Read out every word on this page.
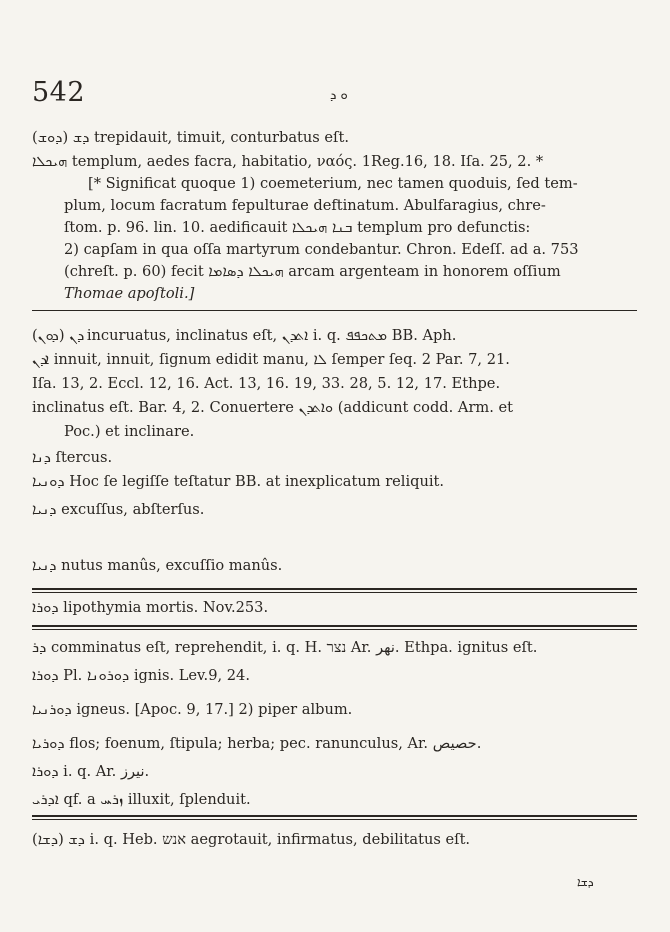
542	ܘ ܕ
(ܕܘܫ) ܕܫ trepidauit, timuit, conturbatus eſt.
ܗܝܟܠܐ templum, aedes facra, habitatio, ναός. 1Reg.16, 18. Iſa. 25, 2. *
[* Significat quoque 1) coemeterium, nec tamen quoduis, ſed tem-
plum, locum facratum fepulturae deftinatum. Abulfaragius, chre-
ſtom. p. 96. lin. 10. aedificauit ܒܢܐ ܗܝܟܠܐ templum pro defunctis:
2) capſam in qua oſſa martyrum condebantur. Chron. Edeſſ. ad a. 753
(chreſt. p. 60) fecit ܗܝܟܠܐ ܕܣܐܡܐ arcam argenteam in honorem oſſium
Thomae apoſtoli.]
(ܕܘܢ) ܕܢ incuruatus, inclinatus eſt, ܐܬܕܢ i. q. ܡܬܟܦܦ BB. Aph.
ܐܕܢ innuit, innuit, ſignum edidit manu, ܠܐ ſemper ſeq. 2 Par. 7, 21.
Iſa. 13, 2. Eccl. 12, 16. Act. 13, 16. 19, 33. 28, 5. 12, 17. Ethpe.
inclinatus eſt. Bar. 4, 2. Conuertere ܘܐܬܕܢ (addicunt codd. Arm. et
Poc.) et inclinare.
ܕܢܐ ſtercus.
ܕܘܢܝܐ Hoc ſe legiſſe teſtatur BB. at inexplicatum reliquit.
ܕܢܝܐ excuſſus, abſterſus.
ܕܢܝܐ nutus manûs, excuſſio manûs.
ܕܘܪܐ lipothymia mortis. Nov.253.
ܕܪ comminatus eſt, reprehendit, i. q. H. נצר Ar. نهر. Ethpa. ignitus eſt.
ܕܘܪܐ Pl. ܕܘܪܘܢܐ ignis. Lev.9, 24.
ܕܘܪܢܝܐ igneus. [Apoc. 9, 17.] 2) piper album.
ܕܘܪܝܐ flos; foenum, ſtipula; herba; pec. ranunculus, Ar. ﺣﺼﻴﺺ.
ܕܘܪܐ i. q. Ar. نيرز.
ܐܕܪܝ qf. a ܙܪܚ illuxit, ſplenduit.
(ܕܫܐ) ܕܫ i. q. Heb. אנש aegrotauit, infirmatus, debilitatus eſt.
ܕܫܐ
